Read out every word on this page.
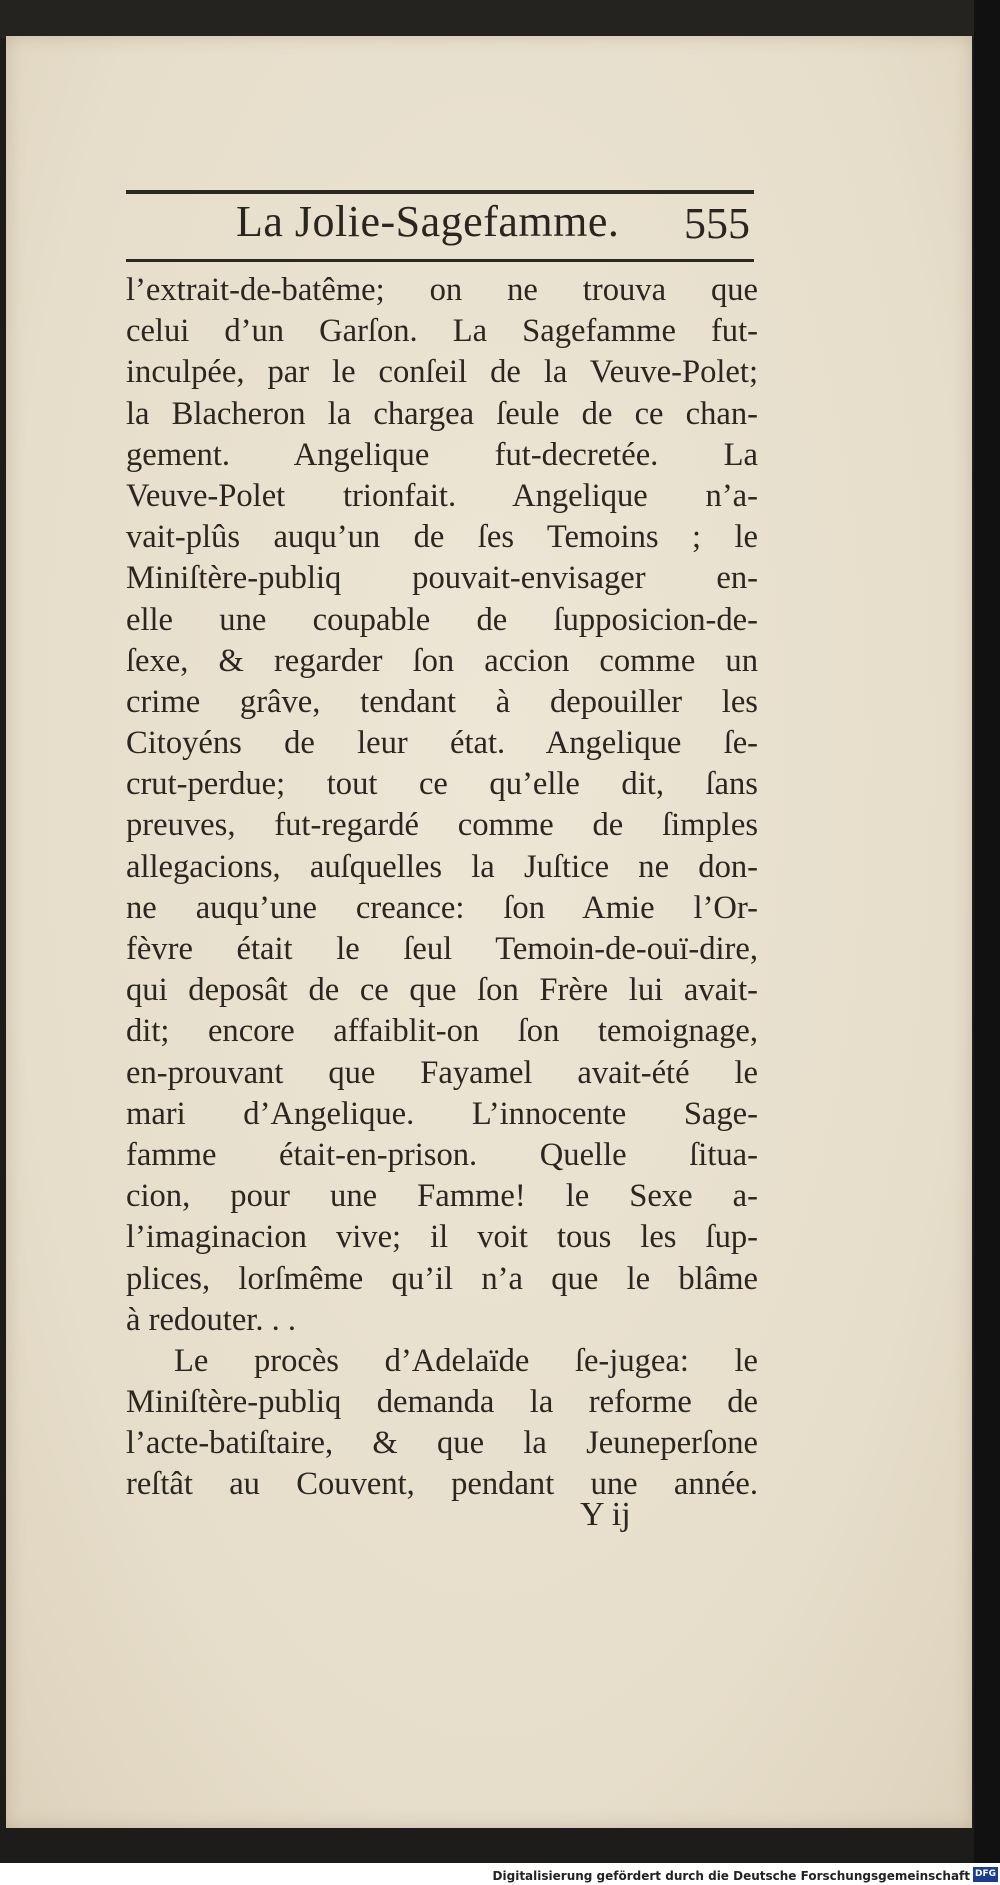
La Jolie-Sagefamme. 555
l’extrait-de-batême; on ne trouva que
celui d’un Garſon. La Sagefamme fut-
inculpée, par le conſeil de la Veuve-Polet;
la Blacheron la chargea ſeule de ce chan-
gement. Angelique fut-decretée. La
Veuve-Polet trionfait. Angelique n’a-
vait-plûs auqu’un de ſes Temoins ; le
Miniſtère-publiq pouvait-envisager en-
elle une coupable de ſupposicion-de-
ſexe, & regarder ſon accion comme un
crime grâve, tendant à depouiller les
Citoyéns de leur état. Angelique ſe-
crut-perdue; tout ce qu’elle dit, ſans
preuves, fut-regardé comme de ſimples
allegacions, auſquelles la Juſtice ne don-
ne auqu’une creance: ſon Amie l’Or-
fèvre était le ſeul Temoin-de-ouï-dire,
qui deposât de ce que ſon Frère lui avait-
dit; encore affaiblit-on ſon temoignage,
en-prouvant que Fayamel avait-été le
mari d’Angelique. L’innocente Sage-
famme était-en-prison. Quelle ſitua-
cion, pour une Famme! le Sexe a-
l’imaginacion vive; il voit tous les ſup-
plices, lorſmême qu’il n’a que le blâme
à redouter. . .
Le procès d’Adelaïde ſe-jugea: le
Miniſtère-publiq demanda la reforme de
l’acte-batiſtaire, & que la Jeuneperſone
reſtât au Couvent, pendant une année.
Y ij
Digitalisierung gefördert durch die Deutsche Forschungsgemeinschaft DFG
